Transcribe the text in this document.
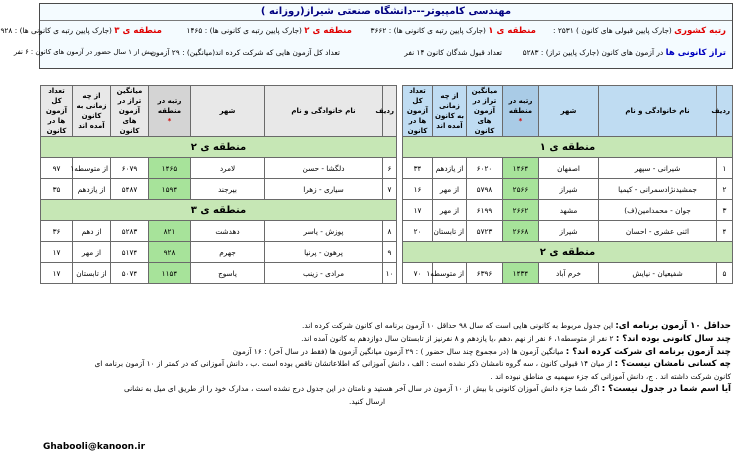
مهندسی کامپیوتر---دانشگاه صنعتی شیراز(روزانه )
رتبه کشوری (جارک پایین قبولی های کانون ) ۲۵۳۱ :
منطقه ی ۱ (جارک پایین رتبه ی کانونی ها) : ۳۶۶۲
منطقه ی ۲ (جارک پایین رتبه ی کانونی ها) : ۱۴۶۵
منطقه ی ۳ (جارک پایین رتبه ی کانونی ها) : ۹۲۸
تراز کانونی ها در آزمون های کانون (جارک پایین تراز) : ۵۲۸۳
تعداد قبول شدگان کانون ۱۴ نفر
تعداد کل آزمون هایی که شرکت کرده اند(میانگین) : ۲۹ آزمون
بیش از ۱ سال حضور در آزمون های کانون : ۶ نفر
ردیف	نام خانوادگی و نام	شهر	رتبه در منطقه
*	میانگین تراز در آزمون های کانون	از چه زمانی به کانون آمده اند	تعداد کل آزمون ها در کانون
منطقه ی ۱						
۱	شیرانی - سپهر	اصفهان	۱۴۶۴	۶۰۲۰	از یازدهم	۳۴
۲	جمشیدنژادسمرانی - کیمیا	شیراز	۲۵۶۶	۵۷۹۸	از مهر	۱۶
۳	جوان - محمدامین(ف)	مشهد	۲۶۶۲	۶۱۹۹	از مهر	۱۷
۴	اثنی عشری - احسان	شیراز	۲۶۶۸	۵۷۲۳	از تابستان	۲۰
منطقه ی ۲						
۵	شفیعیان - نیایش	خرم آباد	۱۴۳۴	۶۳۹۶	از متوسطه۱	۷۰
ردیف	نام خانوادگی و نام	شهر	رتبه در منطقه
*	میانگین تراز در آزمون های کانون	از چه زمانی به کانون آمده اند	تعداد کل آزمون ها در کانون
منطقه ی ۲						
۶	دلگشا - حسن	لامرد	۱۴۶۵	۶۰۷۹	از متوسطه۱	۹۷
۷	سیاری - زهرا	بیرجند	۱۵۹۴	۵۴۸۷	از یازدهم	۳۵
منطقه ی ۳						
۸	پوزش - یاسر	دهدشت	۸۲۱	۵۲۸۳	از دهم	۳۶
۹	پرهون - پرنیا	جهرم	۹۲۸	۵۱۷۴	از مهر	۱۷
۱۰	مرادی - زینب	یاسوج	۱۱۵۴	۵۰۷۴	از تابستان	۱۷
حداقل ۱۰ آزمون برنامه ای: این جدول مربوط به کانونی هایی است که سال ۹۸ حداقل ۱۰ آزمون برنامه ای کانون شرکت کرده اند.
چند سال کانونی بوده اند؟ : ۲ نفر از متوسطه۱، ۶ نفر از نهم ،دهم ،یا یازدهم و ۸ نفرنیز از تابستان سال دوازدهم به کانون آمده اند.
چند آزمون برنامه ای شرکت کرده اند؟ : میانگین آزمون ها (در مجموع چند سال حضور ) : ۲۹ آزمون میانگین آزمون ها (فقط در سال آخر) : ۱۶ آزمون
چه کسانی نامشان نیست؟ : از میان ۱۴ قبولی کانون ، سه گروه نامشان ذکر نشده است : الف ، دانش آموزانی که اطلاعاتشان ناقص بوده است .ب ، دانش آموزانی که در کمتر از ۱۰ آزمون برنامه ای
کانون شرکت داشته اند . ج، دانش آموزانی که جزء سهمیه ی مناطق نبوده اند .
آیا اسم شما در جدول نیست؟ : اگر شما جزء دانش آموزان کانونی با بیش از ۱۰ آزمون در سال آخر هستید و نامتان در این جدول درج نشده است ، مدارک خود را از طریق ای میل به نشانی
ارسال کنید.
Ghabooli@kanoon.ir
